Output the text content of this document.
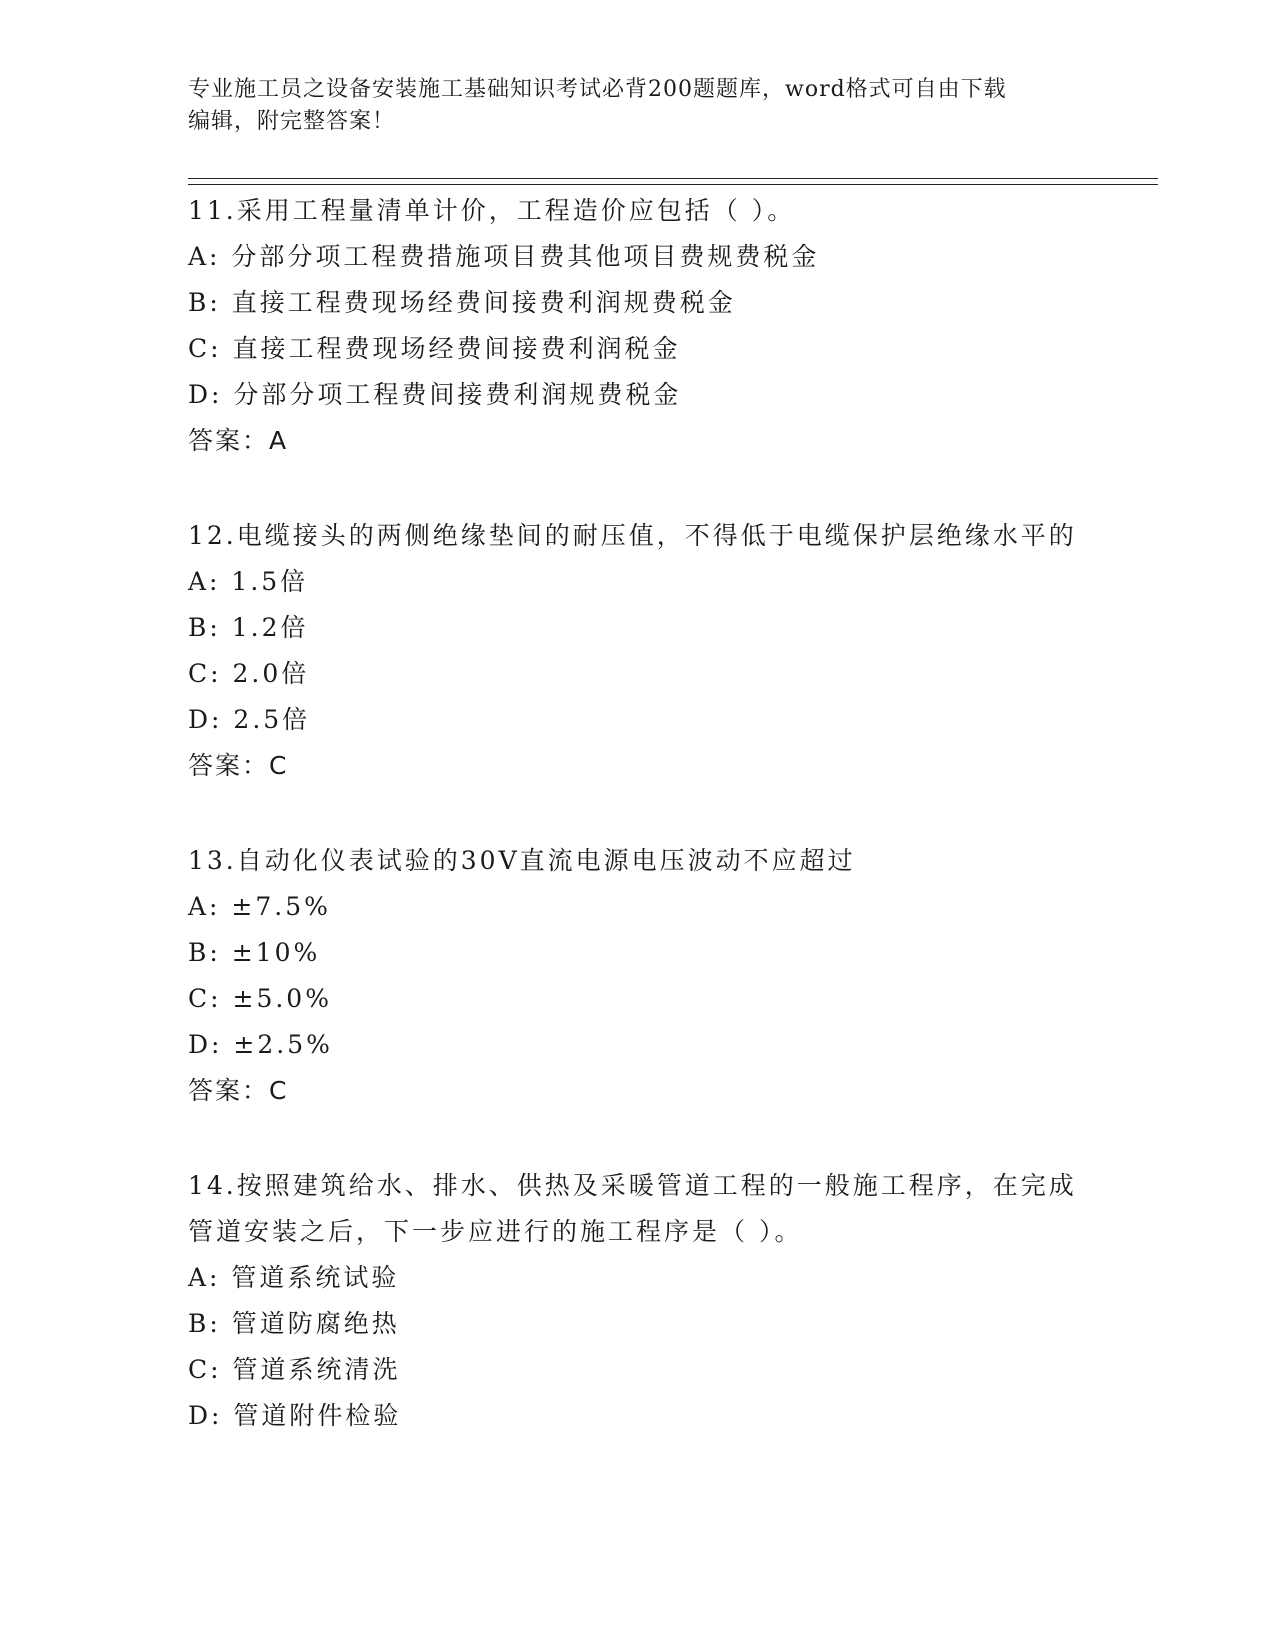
专业施工员之设备安装施工基础知识考试必背200题题库，word格式可自由下载
编辑，附完整答案！
11.采用工程量清单计价，工程造价应包括（ ）。
A: 分部分项工程费措施项目费其他项目费规费税金
B: 直接工程费现场经费间接费利润规费税金
C: 直接工程费现场经费间接费利润税金
D: 分部分项工程费间接费利润规费税金
答案：A
12.电缆接头的两侧绝缘垫间的耐压值，不得低于电缆保护层绝缘水平的
A: 1.5倍
B: 1.2倍
C: 2.0倍
D: 2.5倍
答案：C
13.自动化仪表试验的30V直流电源电压波动不应超过
A: ±7.5%
B: ±10%
C: ±5.0%
D: ±2.5%
答案：C
14.按照建筑给水、排水、供热及采暖管道工程的一般施工程序，在完成管道安装之后，下一步应进行的施工程序是（ ）。
A: 管道系统试验
B: 管道防腐绝热
C: 管道系统清洗
D: 管道附件检验
